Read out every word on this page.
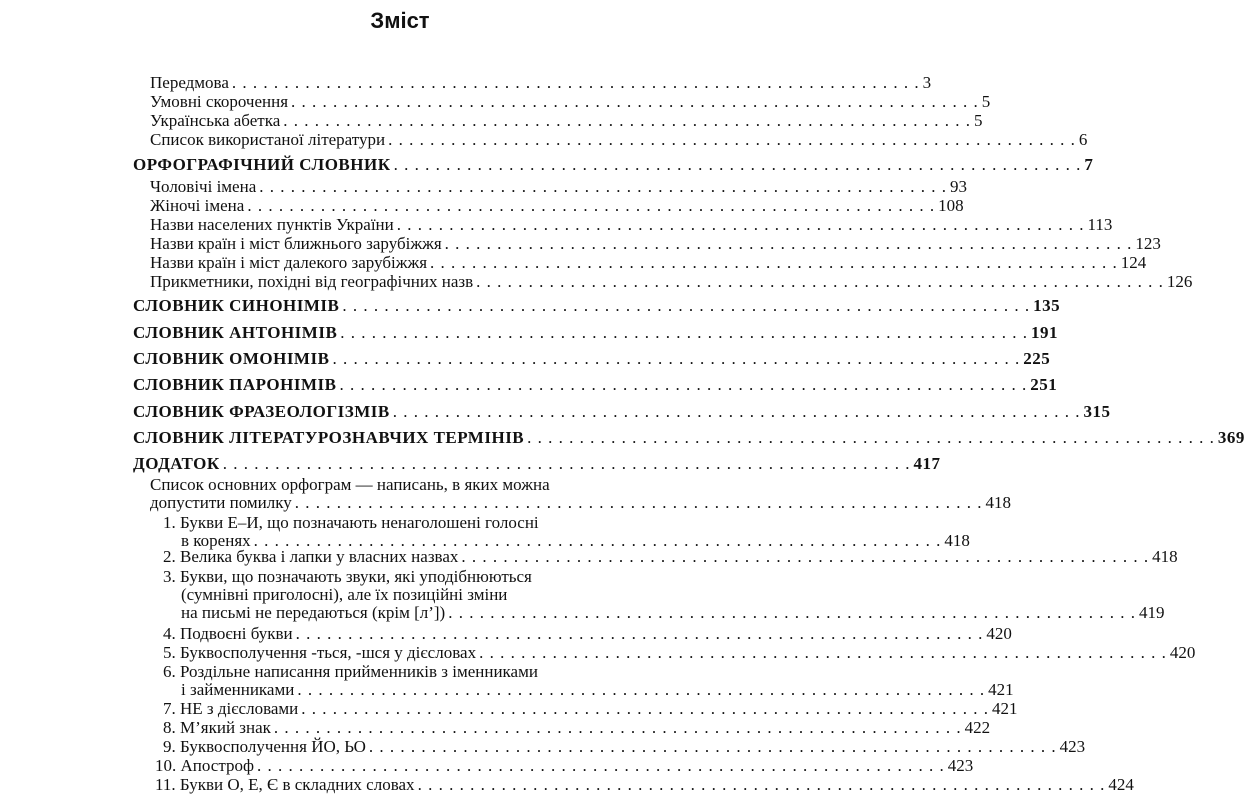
Зміст
Передмова . . . . . . . . . . . . . . . . . . . . . . . . . . . . . . . . . . . . . . . . . . . . . . . . . . . . . . . . . . . . . . . . . . 3
Умовні скорочення . . . . . . . . . . . . . . . . . . . . . . . . . . . . . . . . . . . . . . . . . . . . . . . . . . . . . . . . . . . . . . . . . . 5
Українська абетка . . . . . . . . . . . . . . . . . . . . . . . . . . . . . . . . . . . . . . . . . . . . . . . . . . . . . . . . . . . . . . . . . . 5
Список використаної літератури . . . . . . . . . . . . . . . . . . . . . . . . . . . . . . . . . . . . . . . . . . . . . . . . . . . . . . . . . . . . . . . . . . 6
ОРФОГРАФІЧНИЙ СЛОВНИК . . . . . . . . . . . . . . . . . . . . . . . . . . . . . . . . . . . . . . . . . . . . . . . . . . . . . . . . . . . . . . . . . . 7
Чоловічі імена . . . . . . . . . . . . . . . . . . . . . . . . . . . . . . . . . . . . . . . . . . . . . . . . . . . . . . . . . . . . . . . . . . 93
Жіночі імена . . . . . . . . . . . . . . . . . . . . . . . . . . . . . . . . . . . . . . . . . . . . . . . . . . . . . . . . . . . . . . . . . . 108
Назви населених пунктів України . . . . . . . . . . . . . . . . . . . . . . . . . . . . . . . . . . . . . . . . . . . . . . . . . . . . . . . . . . . . . . . . . . 113
Назви країн і міст ближнього зарубіжжя . . . . . . . . . . . . . . . . . . . . . . . . . . . . . . . . . . . . . . . . . . . . . . . . . . . . . . . . . . . . . . . . . . 123
Назви країн і міст далекого зарубіжжя . . . . . . . . . . . . . . . . . . . . . . . . . . . . . . . . . . . . . . . . . . . . . . . . . . . . . . . . . . . . . . . . . . 124
Прикметники, похідні від географічних назв . . . . . . . . . . . . . . . . . . . . . . . . . . . . . . . . . . . . . . . . . . . . . . . . . . . . . . . . . . . . . . . . . . 126
СЛОВНИК СИНОНІМІВ . . . . . . . . . . . . . . . . . . . . . . . . . . . . . . . . . . . . . . . . . . . . . . . . . . . . . . . . . . . . . . . . . . 135
СЛОВНИК АНТОНІМІВ . . . . . . . . . . . . . . . . . . . . . . . . . . . . . . . . . . . . . . . . . . . . . . . . . . . . . . . . . . . . . . . . . . 191
СЛОВНИК ОМОНІМІВ . . . . . . . . . . . . . . . . . . . . . . . . . . . . . . . . . . . . . . . . . . . . . . . . . . . . . . . . . . . . . . . . . . 225
СЛОВНИК ПАРОНІМІВ . . . . . . . . . . . . . . . . . . . . . . . . . . . . . . . . . . . . . . . . . . . . . . . . . . . . . . . . . . . . . . . . . . 251
СЛОВНИК ФРАЗЕОЛОГІЗМІВ . . . . . . . . . . . . . . . . . . . . . . . . . . . . . . . . . . . . . . . . . . . . . . . . . . . . . . . . . . . . . . . . . . 315
СЛОВНИК ЛІТЕРАТУРОЗНАВЧИХ ТЕРМІНІВ . . . . . . . . . . . . . . . . . . . . . . . . . . . . . . . . . . . . . . . . . . . . . . . . . . . . . . . . . . . . . . . . . . 369
ДОДАТОК . . . . . . . . . . . . . . . . . . . . . . . . . . . . . . . . . . . . . . . . . . . . . . . . . . . . . . . . . . . . . . . . . . 417
Список основних орфограм — написань, в яких можна
допустити помилку . . . . . . . . . . . . . . . . . . . . . . . . . . . . . . . . . . . . . . . . . . . . . . . . . . . . . . . . . . . . . . . . . . 418
1. Букви Е–И, що позначають ненаголошені голосні
в коренях . . . . . . . . . . . . . . . . . . . . . . . . . . . . . . . . . . . . . . . . . . . . . . . . . . . . . . . . . . . . . . . . . . 418
2. Велика буква і лапки у власних назвах . . . . . . . . . . . . . . . . . . . . . . . . . . . . . . . . . . . . . . . . . . . . . . . . . . . . . . . . . . . . . . . . . . 418
3. Букви, що позначають звуки, які уподібнюються
(сумнівні приголосні), але їх позиційні зміни
на письмі не передаються (крім [л’]) . . . . . . . . . . . . . . . . . . . . . . . . . . . . . . . . . . . . . . . . . . . . . . . . . . . . . . . . . . . . . . . . . . 419
4. Подвоєні букви . . . . . . . . . . . . . . . . . . . . . . . . . . . . . . . . . . . . . . . . . . . . . . . . . . . . . . . . . . . . . . . . . . 420
5. Буквосполучення -ться, -шся у дієсловах . . . . . . . . . . . . . . . . . . . . . . . . . . . . . . . . . . . . . . . . . . . . . . . . . . . . . . . . . . . . . . . . . . 420
6. Роздільне написання прийменників з іменниками
і займенниками . . . . . . . . . . . . . . . . . . . . . . . . . . . . . . . . . . . . . . . . . . . . . . . . . . . . . . . . . . . . . . . . . . 421
7. НЕ з дієсловами . . . . . . . . . . . . . . . . . . . . . . . . . . . . . . . . . . . . . . . . . . . . . . . . . . . . . . . . . . . . . . . . . . 421
8. М’який знак . . . . . . . . . . . . . . . . . . . . . . . . . . . . . . . . . . . . . . . . . . . . . . . . . . . . . . . . . . . . . . . . . . 422
9. Буквосполучення ЙО, ЬО . . . . . . . . . . . . . . . . . . . . . . . . . . . . . . . . . . . . . . . . . . . . . . . . . . . . . . . . . . . . . . . . . . 423
10. Апостроф . . . . . . . . . . . . . . . . . . . . . . . . . . . . . . . . . . . . . . . . . . . . . . . . . . . . . . . . . . . . . . . . . . 423
11. Букви О, Е, Є в складних словах . . . . . . . . . . . . . . . . . . . . . . . . . . . . . . . . . . . . . . . . . . . . . . . . . . . . . . . . . . . . . . . . . . 424
